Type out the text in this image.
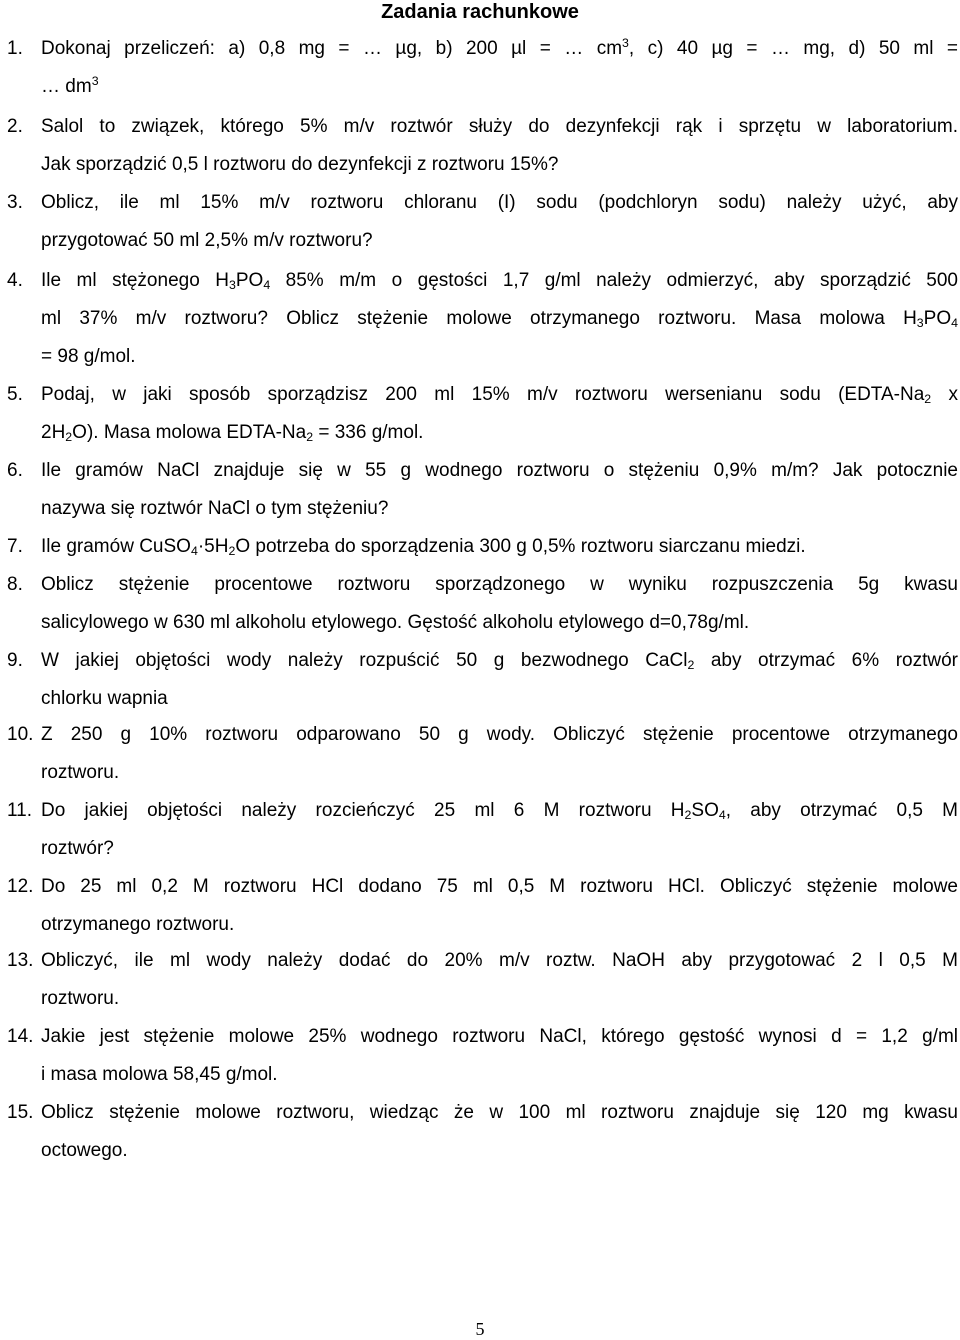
Zadania rachunkowe
1. Dokonaj przeliczeń: a) 0,8 mg = … µg, b) 200 µl = … $cm^3$, c) 40 µg = … mg, d) 50 ml =
… $dm^3$
2. Salol to związek, którego 5% m/v roztwór służy do dezynfekcji rąk i sprzętu w laboratorium.
Jak sporządzić 0,5 l roztworu do dezynfekcji z roztworu 15%?
3. Oblicz, ile ml 15% m/v roztworu chloranu (I) sodu (podchloryn sodu) należy użyć, aby
przygotować 50 ml 2,5% m/v roztworu?
4. Ile ml stężonego $H_3PO_4$ 85% m/m o gęstości 1,7 g/ml należy odmierzyć, aby sporządzić 500
ml 37% m/v roztworu? Oblicz stężenie molowe otrzymanego roztworu. Masa molowa $H_3PO_4$
= 98 g/mol.
5. Podaj, w jaki sposób sporządzisz 200 ml 15% m/v roztworu wersenianu sodu ($EDTA-Na_2$ x
$2H_2O$). Masa molowa EDTA-$Na_2 = 336$ g/mol.
6. Ile gramów NaCl znajduje się w 55 g wodnego roztworu o stężeniu 0,9% m/m? Jak potocznie
nazywa się roztwór NaCl o tym stężeniu?
7. Ile gramów $CuSO_4\cdot 5H_2O$ potrzeba do sporządzenia 300 g 0,5% roztworu siarczanu miedzi.
8. Oblicz stężenie procentowe roztworu sporządzonego w wyniku rozpuszczenia 5g kwasu
salicylowego w 630 ml alkoholu etylowego. Gęstość alkoholu etylowego d=0,78g/ml.
9. W jakiej objętości wody należy rozpuścić 50 g bezwodnego CaCl$_2$ aby otrzymać 6% roztwór
chlorku wapnia
10. Z 250 g 10% roztworu odparowano 50 g wody. Obliczyć stężenie procentowe otrzymanego
roztworu.
11. Do jakiej objętości należy rozcieńczyć 25 ml 6 M roztworu $H_2SO_4$, aby otrzymać 0,5 M
roztwór?
12. Do 25 ml 0,2 M roztworu HCl dodano 75 ml 0,5 M roztworu HCl. Obliczyć stężenie molowe
otrzymanego roztworu.
13. Obliczyć, ile ml wody należy dodać do 20% m/v roztw. NaOH aby przygotować 2 l 0,5 M
roztworu.
14. Jakie jest stężenie molowe 25% wodnego roztworu NaCl, którego gęstość wynosi d = 1,2 g/ml
i masa molowa 58,45 g/mol.
15. Oblicz stężenie molowe roztworu, wiedząc że w 100 ml roztworu znajduje się 120 mg kwasu
octowego.
5
